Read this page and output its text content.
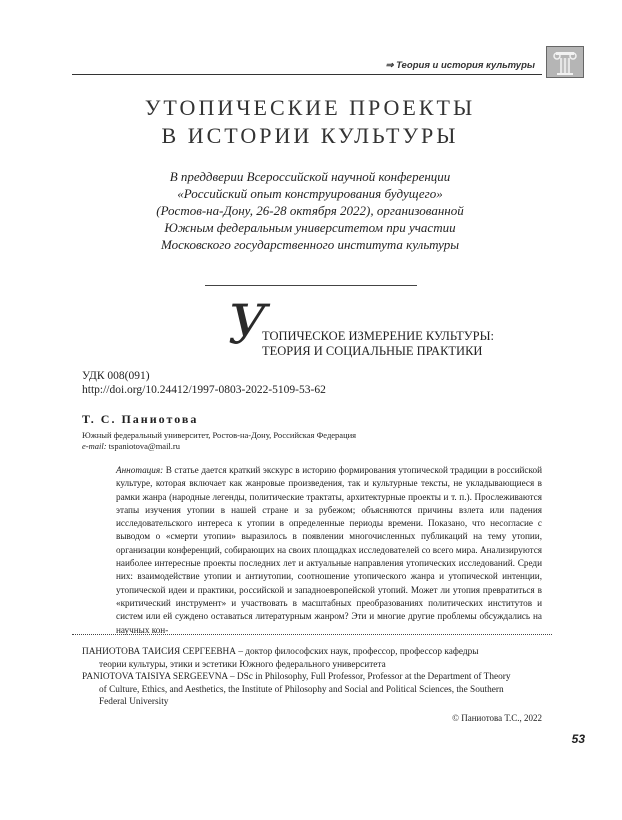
⇒ Теория и история культуры
УТОПИЧЕСКИЕ ПРОЕКТЫ
В ИСТОРИИ КУЛЬТУРЫ
В преддверии Всероссийской научной конференции
«Российский опыт конструирования будущего»
(Ростов-на-Дону, 26-28 октября 2022), организованной
Южным федеральным университетом при участии
Московского государственного института культуры
У
ТОПИЧЕСКОЕ ИЗМЕРЕНИЕ КУЛЬТУРЫ:
ТЕОРИЯ И СОЦИАЛЬНЫЕ ПРАКТИКИ
УДК 008(091)
http://doi.org/10.24412/1997-0803-2022-5109-53-62
Т. С. Паниотова
Южный федеральный университет, Ростов-на-Дону, Российская Федерация
e-mail: tspaniotova@mail.ru
Аннотация: В статье дается краткий экскурс в историю формирования утопической традиции в российской культуре, которая включает как жанровые произведения, так и культурные тексты, не укладывающиеся в рамки жанра (народные легенды, политические трактаты, архитектурные проекты и т. п.). Прослеживаются этапы изучения утопии в нашей стране и за рубежом; объясняются причины взлета или падения исследовательского интереса к утопии в определенные периоды времени. Показано, что несогласие с выводом о «смерти утопии» выразилось в появлении многочисленных публикаций на тему утопии, организации конференций, собирающих на своих площадках исследователей со всего мира. Анализируются наиболее интересные проекты последних лет и актуальные направления утопических исследований. Среди них: взаимодействие утопии и антиутопии, соотношение утопического жанра и утопической интенции, утопической идеи и практики, российской и западноевропейской утопий. Может ли утопия превратиться в «критический инструмент» и участвовать в масштабных преобразованиях политических институтов и систем или ей суждено оставаться литературным жанром? Эти и многие другие проблемы обсуждались на научных кон-
ПАНИОТОВА ТАИСИЯ СЕРГЕЕВНА – доктор философских наук, профессор, профессор кафедры
теории культуры, этики и эстетики Южного федерального университета
PANIOTOVA TAISIYA SERGEEVNA – DSc in Philosophy, Full Professor, Professor at the Department of Theory
of Culture, Ethics, and Aesthetics, the Institute of Philosophy and Social and Political Sciences, the Southern
Federal University
© Паниотова Т.С., 2022
53
